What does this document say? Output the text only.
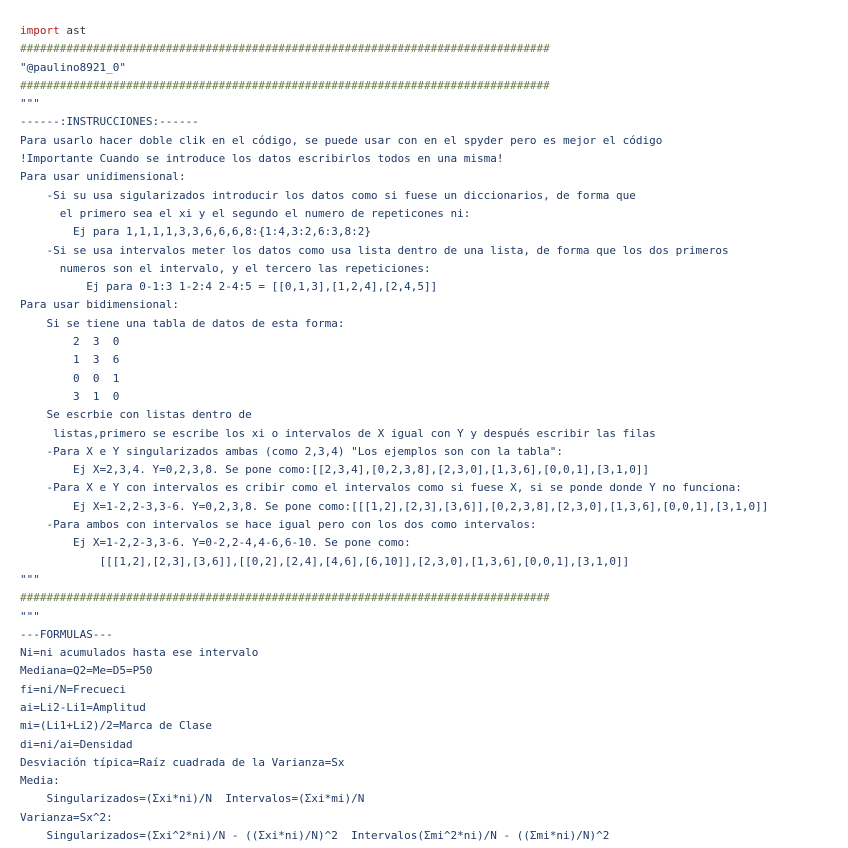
import ast
################################################################################
"@paulino8921_0"
################################################################################
"""
------:INSTRUCCIONES:------
Para usarlo hacer doble clik en el código, se puede usar con en el spyder pero es mejor el código
!Importante Cuando se introduce los datos escribirlos todos en una misma!
Para usar unidimensional:
-Si su usa sigularizados introducir los datos como si fuese un diccionarios, de forma que
el primero sea el xi y el segundo el numero de repeticones ni:
Ej para 1,1,1,1,3,3,6,6,6,8:{1:4,3:2,6:3,8:2}
-Si se usa intervalos meter los datos como usa lista dentro de una lista, de forma que los dos primeros
numeros son el intervalo, y el tercero las repeticiones:
Ej para 0-1:3 1-2:4 2-4:5 = [[0,1,3],[1,2,4],[2,4,5]]
Para usar bidimensional:
Si se tiene una tabla de datos de esta forma:
2  3  0
1  3  6
0  0  1
3  1  0
Se escrbie con listas dentro de
listas,primero se escribe los xi o intervalos de X igual con Y y después escribir las filas
-Para X e Y singularizados ambas (como 2,3,4) "Los ejemplos son con la tabla":
Ej X=2,3,4. Y=0,2,3,8. Se pone como:[[2,3,4],[0,2,3,8],[2,3,0],[1,3,6],[0,0,1],[3,1,0]]
-Para X e Y con intervalos es cribir como el intervalos como si fuese X, si se ponde donde Y no funciona:
Ej X=1-2,2-3,3-6. Y=0,2,3,8. Se pone como:[[[1,2],[2,3],[3,6]],[0,2,3,8],[2,3,0],[1,3,6],[0,0,1],[3,1,0]]
-Para ambos con intervalos se hace igual pero con los dos como intervalos:
Ej X=1-2,2-3,3-6. Y=0-2,2-4,4-6,6-10. Se pone como:
[[[1,2],[2,3],[3,6]],[[0,2],[2,4],[4,6],[6,10]],[2,3,0],[1,3,6],[0,0,1],[3,1,0]]
"""
################################################################################
"""
---FORMULAS---
Ni=ni acumulados hasta ese intervalo
Mediana=Q2=Me=D5=P50
fi=ni/N=Frecueci
ai=Li2-Li1=Amplitud
mi=(Li1+Li2)/2=Marca de Clase
di=ni/ai=Densidad
Desviación típica=Raíz cuadrada de la Varianza=Sx
Media:
Singularizados=(Σxi*ni)/N  Intervalos=(Σxi*mi)/N
Varianza=Sx^2:
Singularizados=(Σxi^2*ni)/N - ((Σxi*ni)/N)^2  Intervalos(Σmi^2*ni)/N - ((Σmi*ni)/N)^2
